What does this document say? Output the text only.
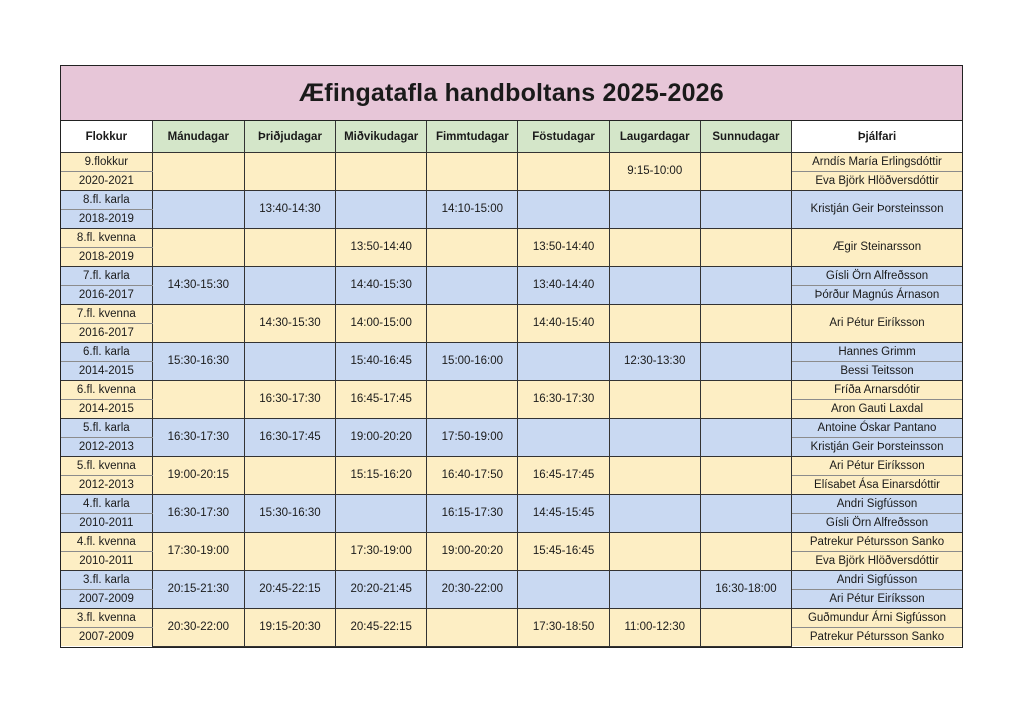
Æfingatafla handboltans 2025-2026
Flokkur	Mánudagar	Þriðjudagar	Miðvikudagar	Fimmtudagar	Föstudagar	Laugardagar	Sunnudagar	Þjálfari
9.flokkur						9:15-10:00		Arndís María Erlingsdóttir
2020-2021								Eva Björk Hlöðversdóttir
8.fl. karla		13:40-14:30		14:10-15:00				Kristján Geir Þorsteinsson
2018-2019								
8.fl. kvenna			13:50-14:40		13:50-14:40			Ægir Steinarsson
2018-2019								
7.fl. karla	14:30-15:30		14:40-15:30		13:40-14:40			Gísli Örn Alfreðsson
2016-2017								Þórður Magnús Árnason
7.fl. kvenna		14:30-15:30	14:00-15:00		14:40-15:40			Ari Pétur Eiríksson
2016-2017								
6.fl. karla	15:30-16:30		15:40-16:45	15:00-16:00		12:30-13:30		Hannes Grimm
2014-2015								Bessi Teitsson
6.fl. kvenna		16:30-17:30	16:45-17:45		16:30-17:30			Fríða Arnarsdótir
2014-2015								Aron Gauti Laxdal
5.fl. karla	16:30-17:30	16:30-17:45	19:00-20:20	17:50-19:00				Antoine Óskar Pantano
2012-2013								Kristján Geir Þorsteinsson
5.fl. kvenna	19:00-20:15		15:15-16:20	16:40-17:50	16:45-17:45			Ari Pétur Eiríksson
2012-2013								Elísabet Ása Einarsdóttir
4.fl. karla	16:30-17:30	15:30-16:30		16:15-17:30	14:45-15:45			Andri Sigfússon
2010-2011								Gísli Örn Alfreðsson
4.fl. kvenna	17:30-19:00		17:30-19:00	19:00-20:20	15:45-16:45			Patrekur Pétursson Sanko
2010-2011								Eva Björk Hlöðversdóttir
3.fl. karla	20:15-21:30	20:45-22:15	20:20-21:45	20:30-22:00			16:30-18:00	Andri Sigfússon
2007-2009								Ari Pétur Eiríksson
3.fl. kvenna	20:30-22:00	19:15-20:30	20:45-22:15		17:30-18:50	11:00-12:30		Guðmundur Árni Sigfússon
2007-2009								Patrekur Pétursson Sanko
